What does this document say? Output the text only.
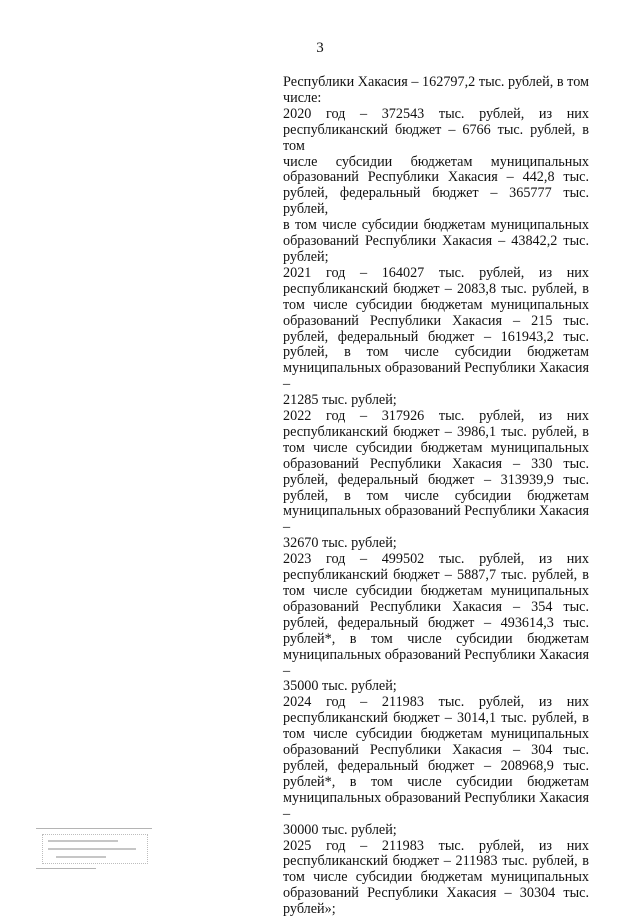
3
Республики Хакасия – 162797,2 тыс. рублей, в том
числе:
2020 год – 372543 тыс. рублей, из них
республиканский бюджет – 6766 тыс. рублей, в том
числе субсидии бюджетам муниципальных
образований Республики Хакасия – 442,8 тыс.
рублей, федеральный бюджет – 365777 тыс. рублей,
в том числе субсидии бюджетам муниципальных
образований Республики Хакасия – 43842,2 тыс.
рублей;
2021 год – 164027 тыс. рублей, из них
республиканский бюджет – 2083,8 тыс. рублей, в
том числе субсидии бюджетам муниципальных
образований Республики Хакасия – 215 тыс.
рублей, федеральный бюджет – 161943,2 тыс.
рублей, в том числе субсидии бюджетам
муниципальных образований Республики Хакасия –
21285 тыс. рублей;
2022 год – 317926 тыс. рублей, из них
республиканский бюджет – 3986,1 тыс. рублей, в
том числе субсидии бюджетам муниципальных
образований Республики Хакасия – 330 тыс.
рублей, федеральный бюджет – 313939,9 тыс.
рублей, в том числе субсидии бюджетам
муниципальных образований Республики Хакасия –
32670 тыс. рублей;
2023 год – 499502 тыс. рублей, из них
республиканский бюджет – 5887,7 тыс. рублей, в
том числе субсидии бюджетам муниципальных
образований Республики Хакасия – 354 тыс.
рублей, федеральный бюджет – 493614,3 тыс.
рублей*, в том числе субсидии бюджетам
муниципальных образований Республики Хакасия –
35000 тыс. рублей;
2024 год – 211983 тыс. рублей, из них
республиканский бюджет – 3014,1 тыс. рублей, в
том числе субсидии бюджетам муниципальных
образований Республики Хакасия – 304 тыс.
рублей, федеральный бюджет – 208968,9 тыс.
рублей*, в том числе субсидии бюджетам
муниципальных образований Республики Хакасия –
30000 тыс. рублей;
2025 год – 211983 тыс. рублей, из них
республиканский бюджет – 211983 тыс. рублей, в
том числе субсидии бюджетам муниципальных
образований Республики Хакасия – 30304 тыс.
рублей»;
